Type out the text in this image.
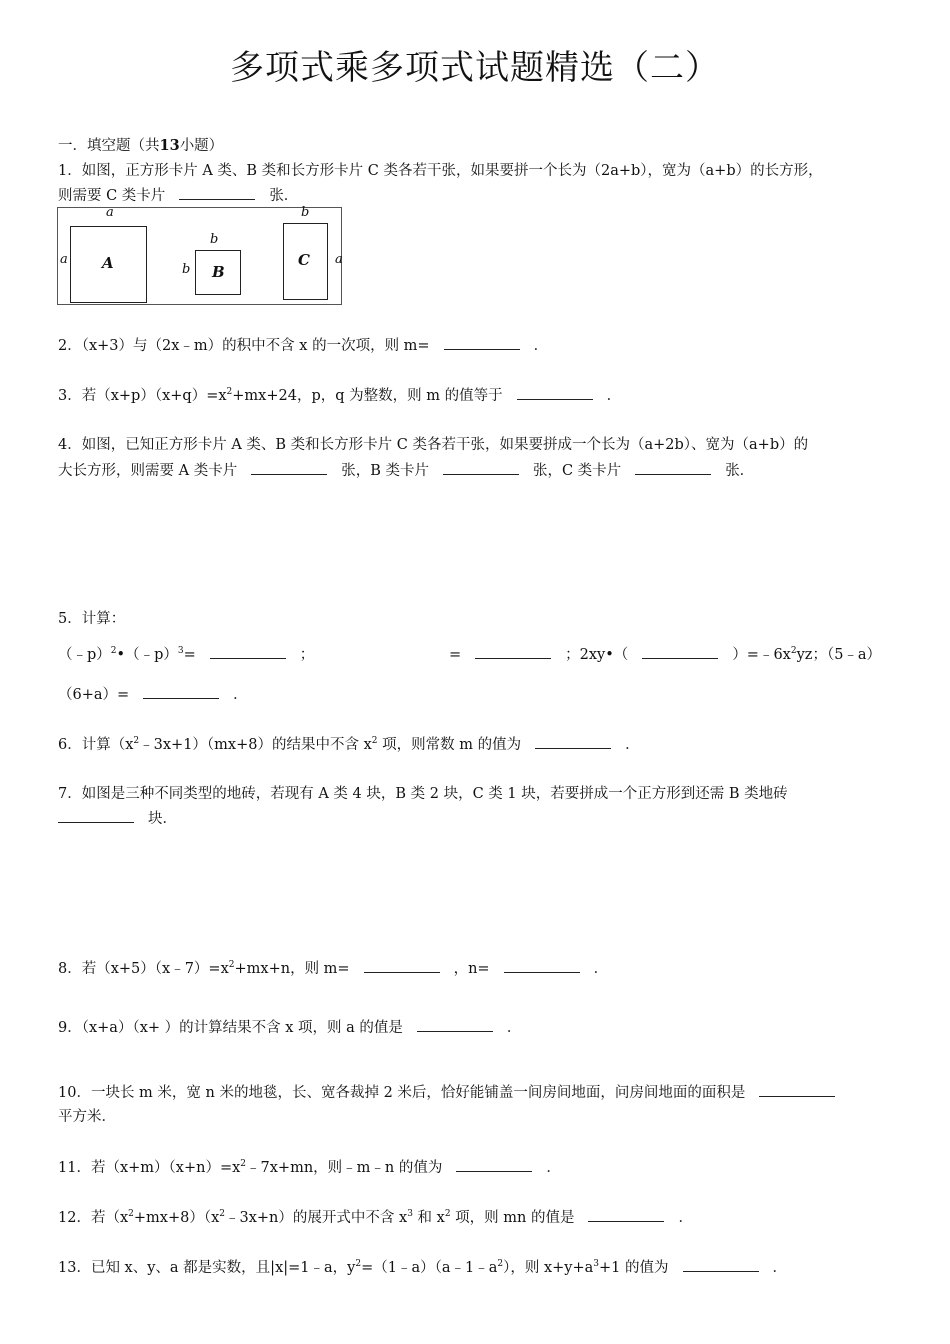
多项式乘多项式试题精选（二）
一．填空题（共13小题）
1．如图，正方形卡片 A 类、B 类和长方形卡片 C 类各若干张，如果要拼一个长为（2a+b），宽为（a+b）的长方形，
则需要 C 类卡片	张．
a
a A
b
b B
b
C a
2．（x+3）与（2x﹣m）的积中不含 x 的一次项，则 m=	．
3．若$(x+p)(x+q)=x^2+mx+24$，p，q 为整数，则 m 的值等于	．
4．如图，已知正方形卡片 A 类、B 类和长方形卡片 C 类各若干张，如果要拼成一个长为（a+2b）、宽为（a+b）的
大长方形，则需要 A 类卡片	张，B 类卡片	张，C 类卡片	张．
5．计算：
（﹣p）$^2$•（﹣p）$^3$=	；	=	；2xy•（	）$=﹣6x^2yz$；（5﹣a）
（6+a）=	．
6．计算$(x^2﹣3x+1)(mx+8)$的结果中不含 $x^2$ 项，则常数 m 的值为	．
7．如图是三种不同类型的地砖，若现有 A 类 4 块，B 类 2 块，C 类 1 块，若要拼成一个正方形到还需 B 类地砖
块．
8．若$(x+5)(x﹣7)=x^2+mx+n$，则 m=	，n=	．
9．（x+a）（x+ ）的计算结果不含 x 项，则 a 的值是	．
10．一块长 m 米，宽 n 米的地毯，长、宽各裁掉 2 米后，恰好能铺盖一间房间地面，问房间地面的面积是
平方米．
11．若$(x+m)(x+n)=x^2﹣7x+mn$，则﹣m﹣n 的值为	．
12．若$(x^2+mx+8)(x^2﹣3x+n)$的展开式中不含 $x^3$ 和 $x^2$ 项，则 mn 的值是	．
13．已知 x、y、a 都是实数，且|x|=1﹣a，$y^2=(1﹣a)(a﹣1﹣a^2)$，则 $x+y+a^3+1$ 的值为	．
